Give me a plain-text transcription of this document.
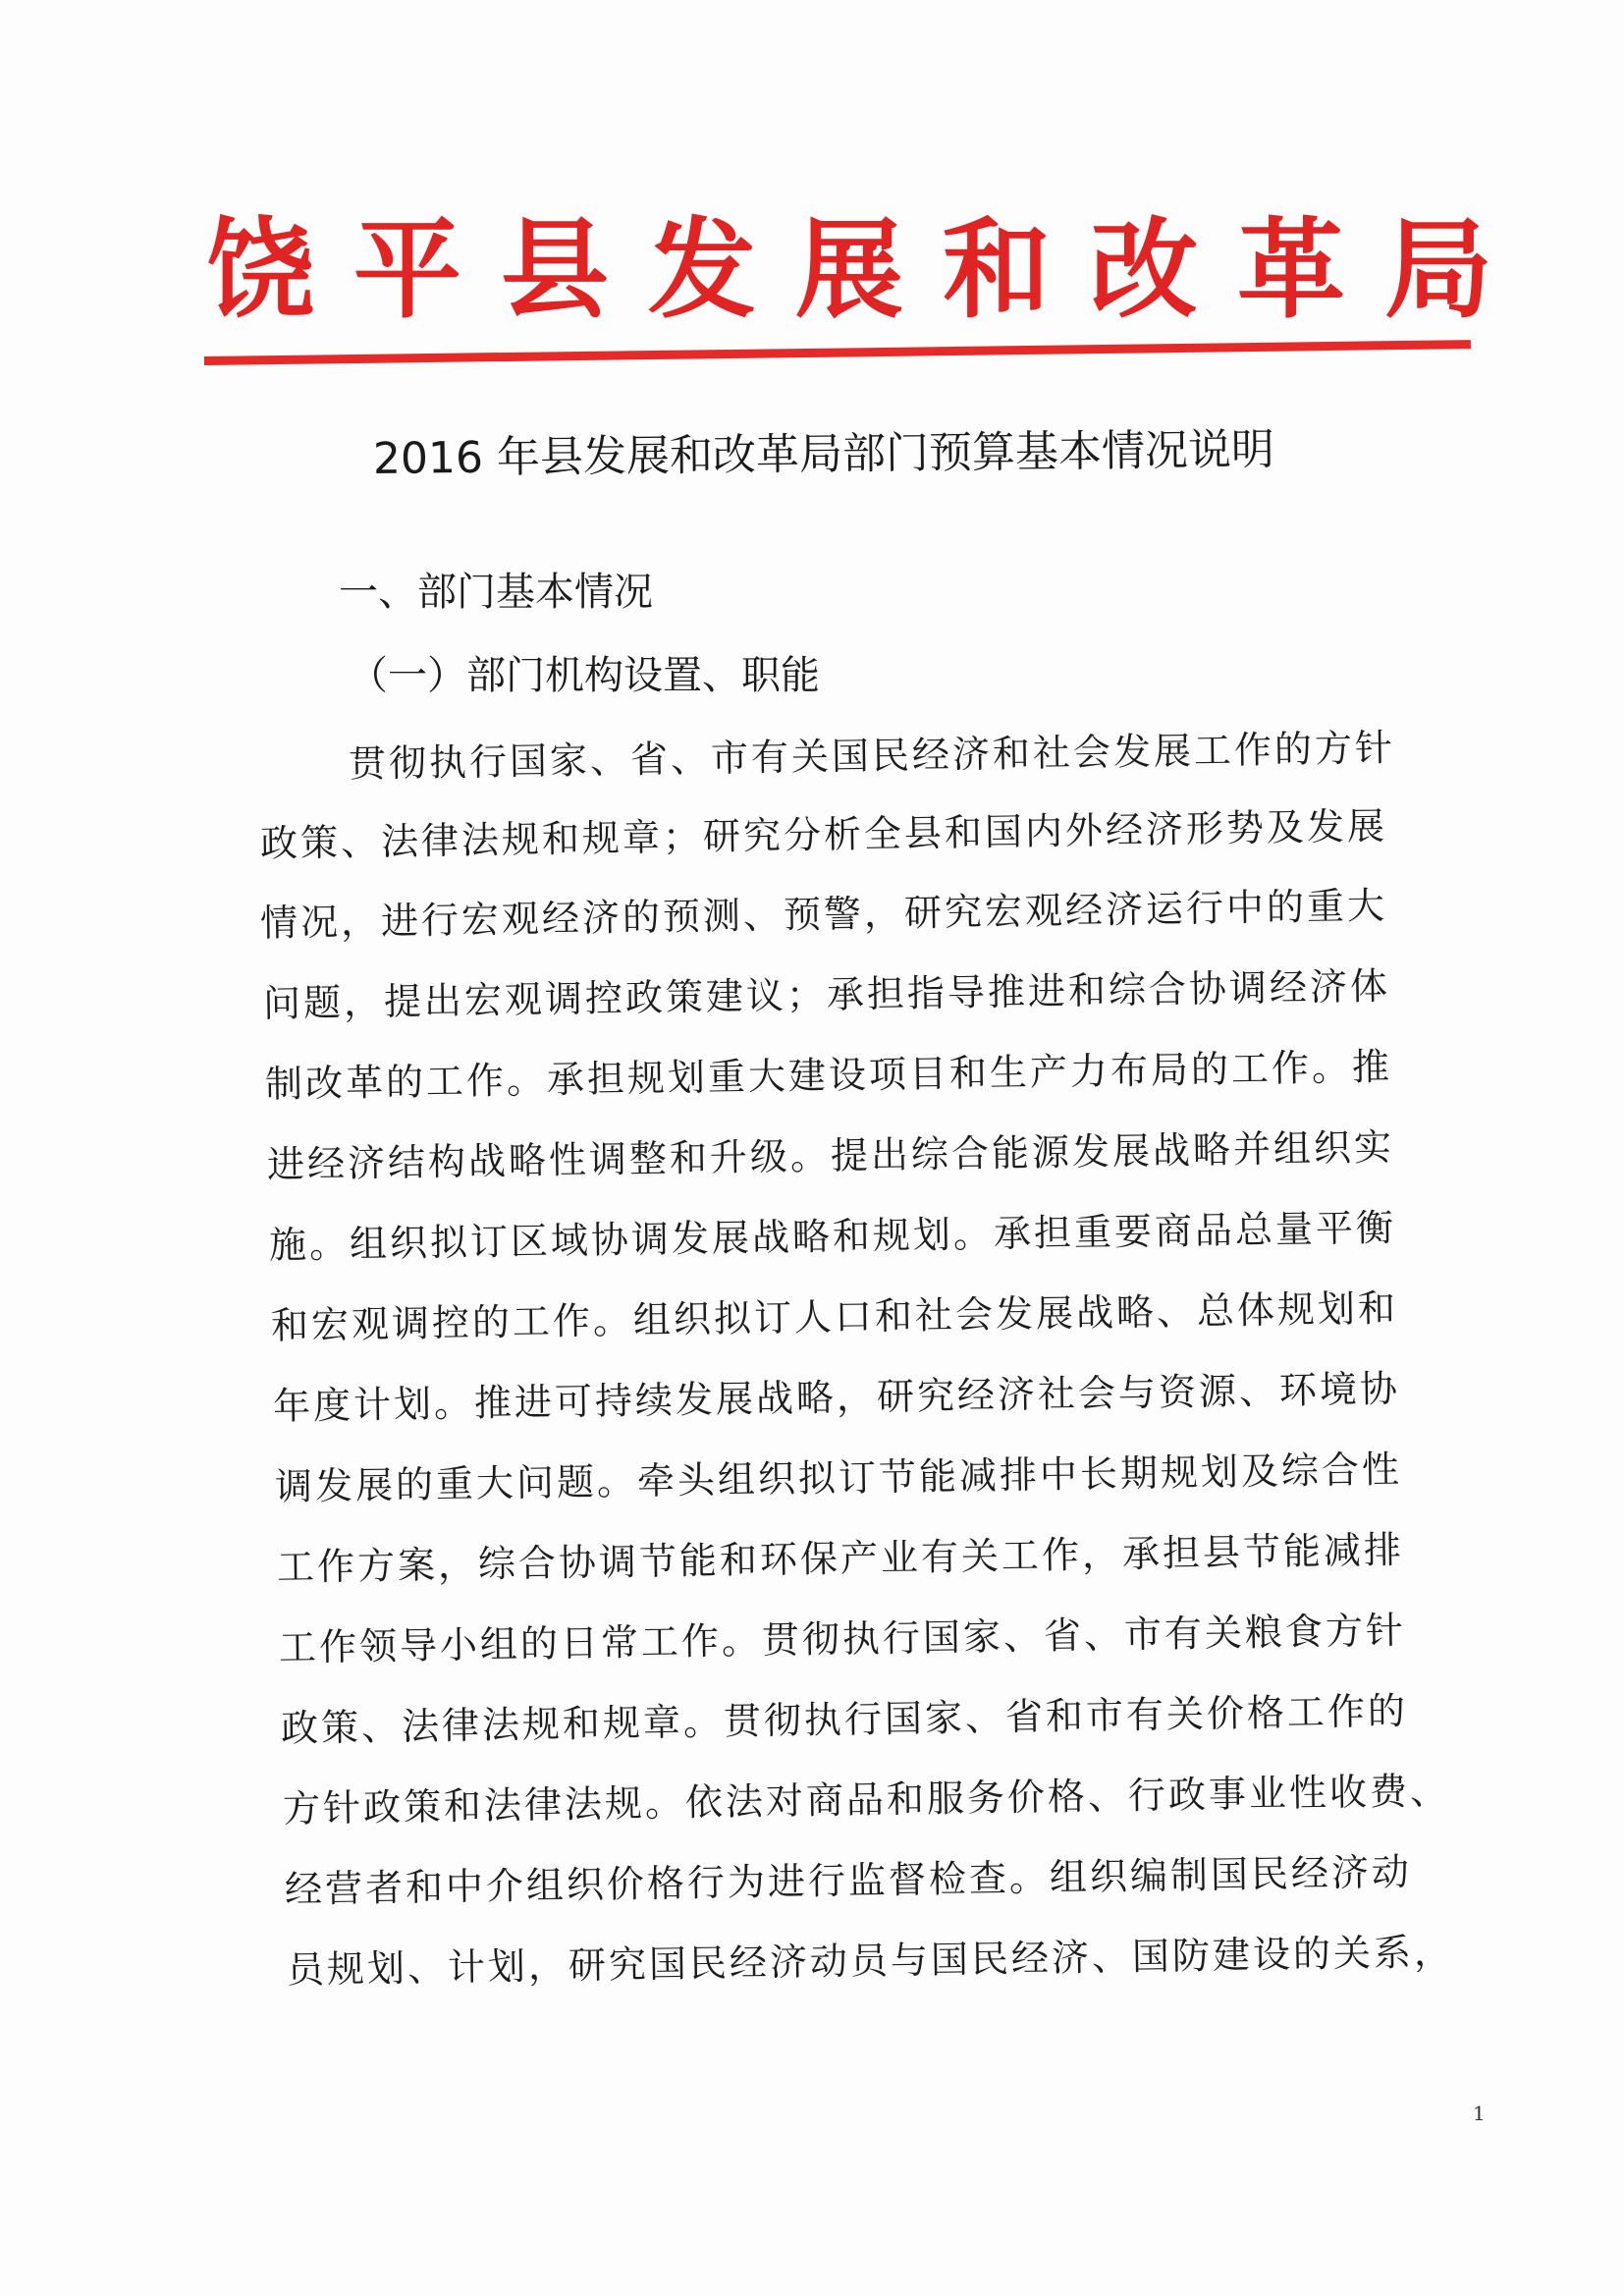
饶平县发展和改革局
2016 年县发展和改革局部门预算基本情况说明
一、部门基本情况
（一）部门机构设置、职能
贯彻执行国家、省、市有关国民经济和社会发展工作的方针
政策、法律法规和规章；研究分析全县和国内外经济形势及发展
情况，进行宏观经济的预测、预警，研究宏观经济运行中的重大
问题，提出宏观调控政策建议；承担指导推进和综合协调经济体
制改革的工作。承担规划重大建设项目和生产力布局的工作。推
进经济结构战略性调整和升级。提出综合能源发展战略并组织实
施。组织拟订区域协调发展战略和规划。承担重要商品总量平衡
和宏观调控的工作。组织拟订人口和社会发展战略、总体规划和
年度计划。推进可持续发展战略，研究经济社会与资源、环境协
调发展的重大问题。牵头组织拟订节能减排中长期规划及综合性
工作方案，综合协调节能和环保产业有关工作，承担县节能减排
工作领导小组的日常工作。贯彻执行国家、省、市有关粮食方针
政策、法律法规和规章。贯彻执行国家、省和市有关价格工作的
方针政策和法律法规。依法对商品和服务价格、行政事业性收费、
经营者和中介组织价格行为进行监督检查。组织编制国民经济动
员规划、计划，研究国民经济动员与国民经济、国防建设的关系，
1
